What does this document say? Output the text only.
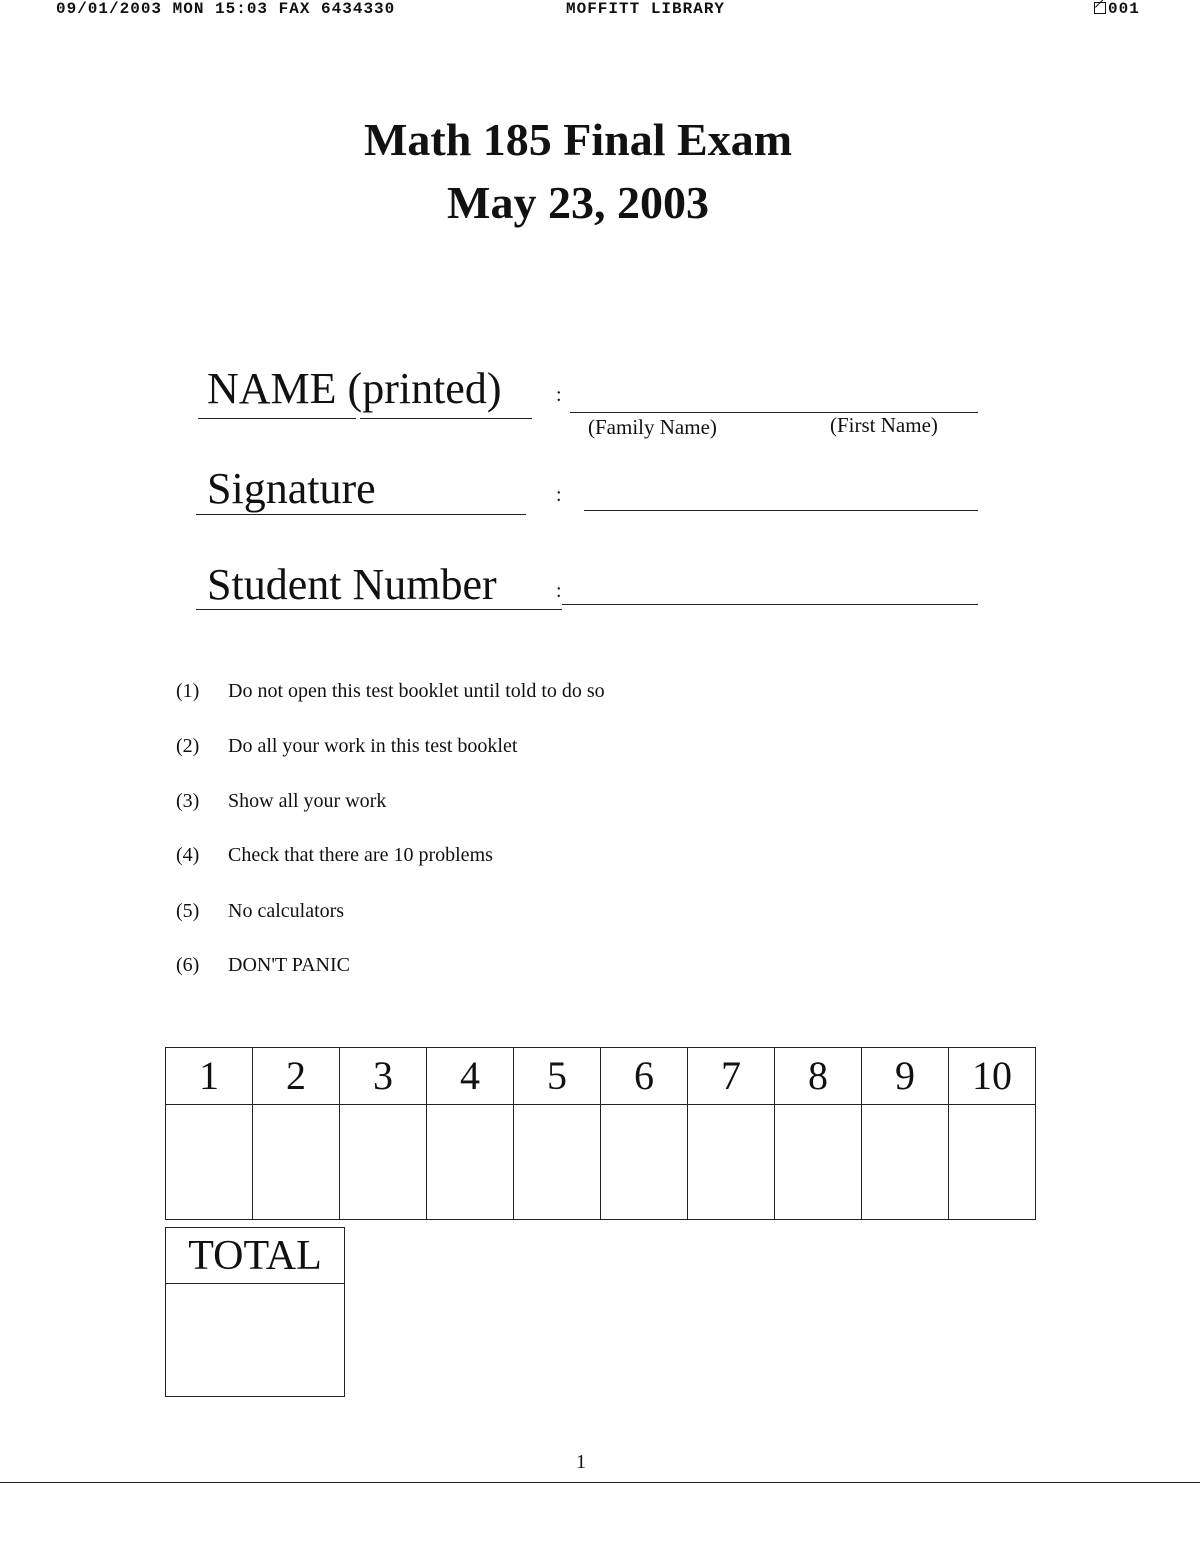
09/01/2003 MON 15:03 FAX 6434330	MOFFITT LIBRARY	001
Math 185 Final Exam
May 23, 2003
NAME (printed)	:
(Family Name)	(First Name)
Signature	:
Student Number	:
(1) Do not open this test booklet until told to do so
(2) Do all your work in this test booklet
(3) Show all your work
(4) Check that there are 10 problems
(5) No calculators
(6) DON'T PANIC
1	2	3	4	5	6	7	8	9	10

TOTAL

1
